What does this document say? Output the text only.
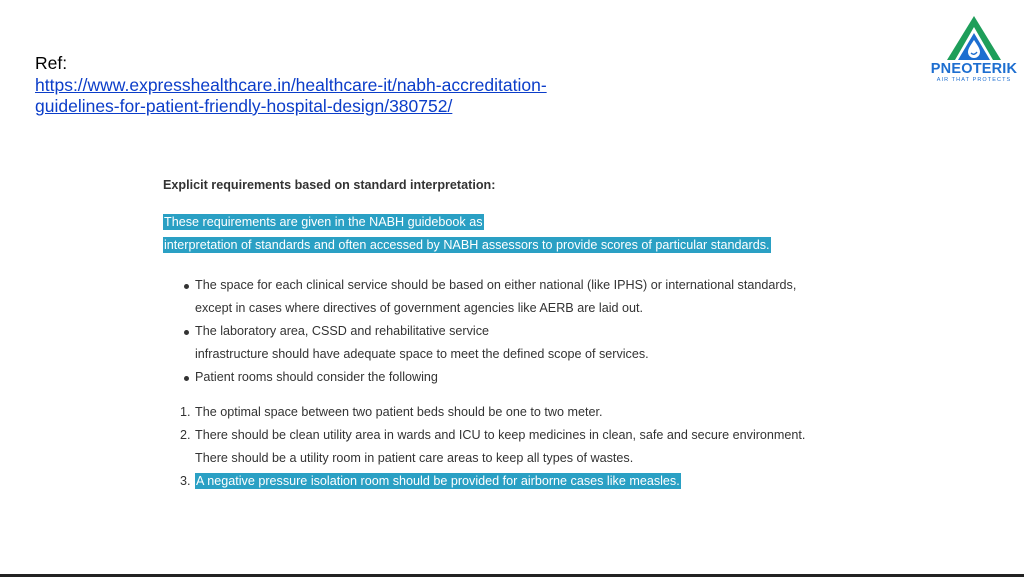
Ref:
https://www.expresshealthcare.in/healthcare-it/nabh-accreditation-
guidelines-for-patient-friendly-hospital-design/380752/
PNEOTERIK
AIR THAT PROTECTS
Explicit requirements based on standard interpretation:
These requirements are given in the NABH guidebook as
interpretation of standards and often accessed by NABH assessors to provide scores of particular standards.
The space for each clinical service should be based on either national (like IPHS) or international standards,
except in cases where directives of government agencies like AERB are laid out.
The laboratory area, CSSD and rehabilitative service
infrastructure should have adequate space to meet the defined scope of services.
Patient rooms should consider the following
1. The optimal space between two patient beds should be one to two meter.
2. There should be clean utility area in wards and ICU to keep medicines in clean, safe and secure environment.
There should be a utility room in patient care areas to keep all types of wastes.
3. A negative pressure isolation room should be provided for airborne cases like measles.
